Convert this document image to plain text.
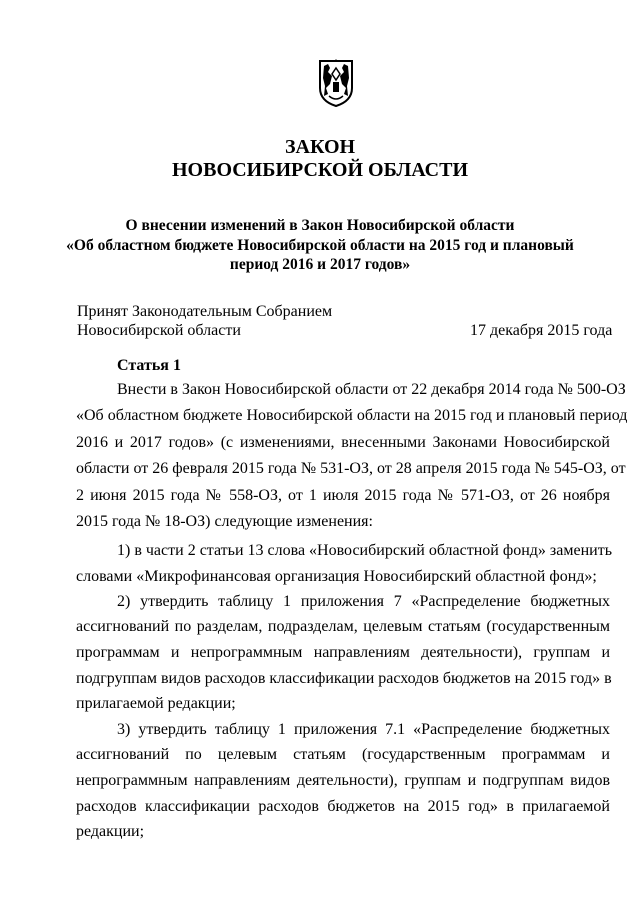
ЗАКОН
НОВОСИБИРСКОЙ ОБЛАСТИ
О внесении изменений в Закон Новосибирской области
«Об областном бюджете Новосибирской области на 2015 год и плановый
период 2016 и 2017 годов»
Принят Законодательным Собранием
Новосибирской области	17 декабря 2015 года
Статья 1
Внести в Закон Новосибирской области от 22 декабря 2014 года № 500-ОЗ
«Об областном бюджете Новосибирской области на 2015 год и плановый период
2016 и 2017 годов» (с изменениями, внесенными Законами Новосибирской
области от 26 февраля 2015 года № 531-ОЗ, от 28 апреля 2015 года № 545-ОЗ, от
2 июня 2015 года № 558-ОЗ, от 1 июля 2015 года № 571-ОЗ, от 26 ноября
2015 года № 18-ОЗ) следующие изменения:
1) в части 2 статьи 13 слова «Новосибирский областной фонд» заменить
словами «Микрофинансовая организация Новосибирский областной фонд»;
2) утвердить таблицу 1 приложения 7 «Распределение бюджетных
ассигнований по разделам, подразделам, целевым статьям (государственным
программам и непрограммным направлениям деятельности), группам и
подгруппам видов расходов классификации расходов бюджетов на 2015 год» в
прилагаемой редакции;
3) утвердить таблицу 1 приложения 7.1 «Распределение бюджетных
ассигнований по целевым статьям (государственным программам и
непрограммным направлениям деятельности), группам и подгруппам видов
расходов классификации расходов бюджетов на 2015 год» в прилагаемой
редакции;
